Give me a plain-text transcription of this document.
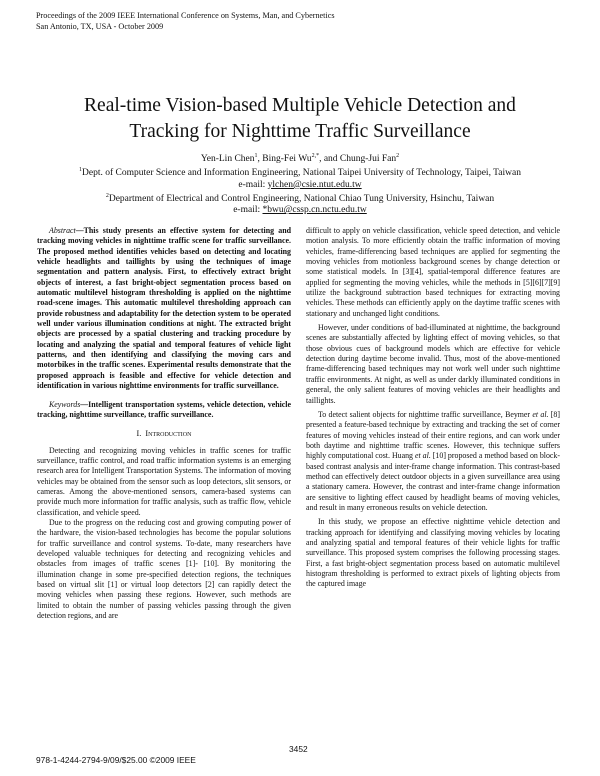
Proceedings of the 2009 IEEE International Conference on Systems, Man, and Cybernetics
San Antonio, TX, USA - October 2009
Real-time Vision-based Multiple Vehicle Detection and
Tracking for Nighttime Traffic Surveillance
Yen-Lin Chen$^1$, Bing-Fei $Wu^{2,*}$, and Chung-Jui Fan$^2$
$^1$Dept. of Computer Science and Information Engineering, National Taipei University of Technology, Taipei, Taiwan
e-mail: ylchen@csie.ntut.edu.tw
$^2$Department of Electrical and Control Engineering, National Chiao Tung University, Hsinchu, Taiwan
e-mail: *bwu@cssp.cn.nctu.edu.tw

Abstract—This study presents an effective system for detecting and tracking moving vehicles in nighttime traffic scene for traffic surveillance. The proposed method identifies vehicles based on detecting and locating vehicle headlights and taillights by using the techniques of image segmentation and pattern analysis. First, to effectively extract bright objects of interest, a fast bright-object segmentation process based on automatic multilevel histogram thresholding is applied on the nighttime road-scene images. This automatic multilevel thresholding approach can provide robustness and adaptability for the detection system to be operated well under various illumination conditions at night. The extracted bright objects are processed by a spatial clustering and tracking procedure by locating and analyzing the spatial and temporal features of vehicle light patterns, and then identifying and classifying the moving cars and motorbikes in the traffic scenes. Experimental results demonstrate that the proposed approach is feasible and effective for vehicle detection and identification in various nighttime environments for traffic surveillance.

Keywords—Intelligent transportation systems, vehicle detection, vehicle tracking, nighttime surveillance, traffic surveillance.

I. Introduction

Detecting and recognizing moving vehicles in traffic scenes for traffic surveillance, traffic control, and road traffic information systems is an emerging research area for Intelligent Transportation Systems. The information of moving vehicles may be obtained from the sensor such as loop detectors, slit sensors, or cameras. Among the above-mentioned sensors, camera-based systems can provide much more information for traffic analysis, such as traffic flow, vehicle classification, and vehicle speed.

Due to the progress on the reducing cost and growing computing power of the hardware, the vision-based technologies has become the popular solutions for traffic surveillance and control systems. To-date, many researchers have developed valuable techniques for detecting and recognizing vehicles and obstacles from images of traffic scenes [1]- [10]. By monitoring the illumination change in some pre-specified detection regions, the techniques based on virtual slit [1] or virtual loop detectors [2] can rapidly detect the moving vehicles when passing these regions. However, such methods are limited to obtain the number of passing vehicles passing through the given detection regions, and are

difficult to apply on vehicle classification, vehicle speed detection, and vehicle motion analysis. To more efficiently obtain the traffic information of moving vehicles, frame-differencing based techniques are applied for segmenting the moving vehicles from motionless background scenes by change detection or some statistical models. In [3][4], spatial-temporal difference features are applied for segmenting the moving vehicles, while the methods in [5][6][7][9] utilize the background subtraction based techniques for extracting moving vehicles. These methods can efficiently apply on the daytime traffic scenes with stationary and unchanged light conditions.

However, under conditions of bad-illuminated at nighttime, the background scenes are substantially affected by lighting effect of moving vehicles, so that those obvious cues of background models which are effective for vehicle detection during daytime become invalid. Thus, most of the above-mentioned frame-differencing based techniques may not work well under such nighttime traffic environments. At night, as well as under darkly illuminated conditions in general, the only salient features of moving vehicles are their headlights and taillights.

To detect salient objects for nighttime traffic surveillance, Beymer et al. [8] presented a feature-based technique by extracting and tracking the set of corner features of moving vehicles instead of their entire regions, and can work under both daytime and nighttime traffic scenes. However, this technique suffers highly computational cost. Huang et al. [10] proposed a method based on block-based contrast analysis and inter-frame change information. This contrast-based method can effectively detect outdoor objects in a given surveillance area using a stationary camera. However, the contrast and inter-frame change information are sensitive to lighting effect caused by headlight beams of moving vehicles, and result in many erroneous results on vehicle detection.

In this study, we propose an effective nighttime vehicle detection and tracking approach for identifying and classifying moving vehicles by locating and analyzing spatial and temporal features of their vehicle lights for traffic surveillance. This proposed system comprises the following processing stages. First, a fast bright-object segmentation process based on automatic multilevel histogram thresholding is performed to extract pixels of lighting objects from the captured image

3452
978-1-4244-2794-9/09/$25.00 ©2009 IEEE
